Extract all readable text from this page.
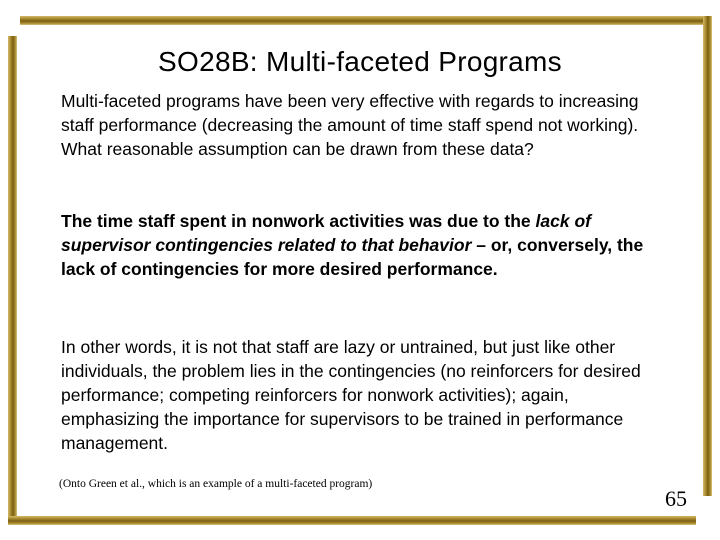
SO28B: Multi-faceted Programs

Multi-faceted programs have been very effective with regards to increasing staff performance (decreasing the amount of time staff spend not working). What reasonable assumption can be drawn from these data?

The time staff spent in nonwork activities was due to the lack of supervisor contingencies related to that behavior – or, conversely, the lack of contingencies for more desired performance.

In other words, it is not that staff are lazy or untrained, but just like other individuals, the problem lies in the contingencies (no reinforcers for desired performance; competing reinforcers for nonwork activities); again, emphasizing the importance for supervisors to be trained in performance management.

(Onto Green et al., which is an example of a multi-faceted program)

65
